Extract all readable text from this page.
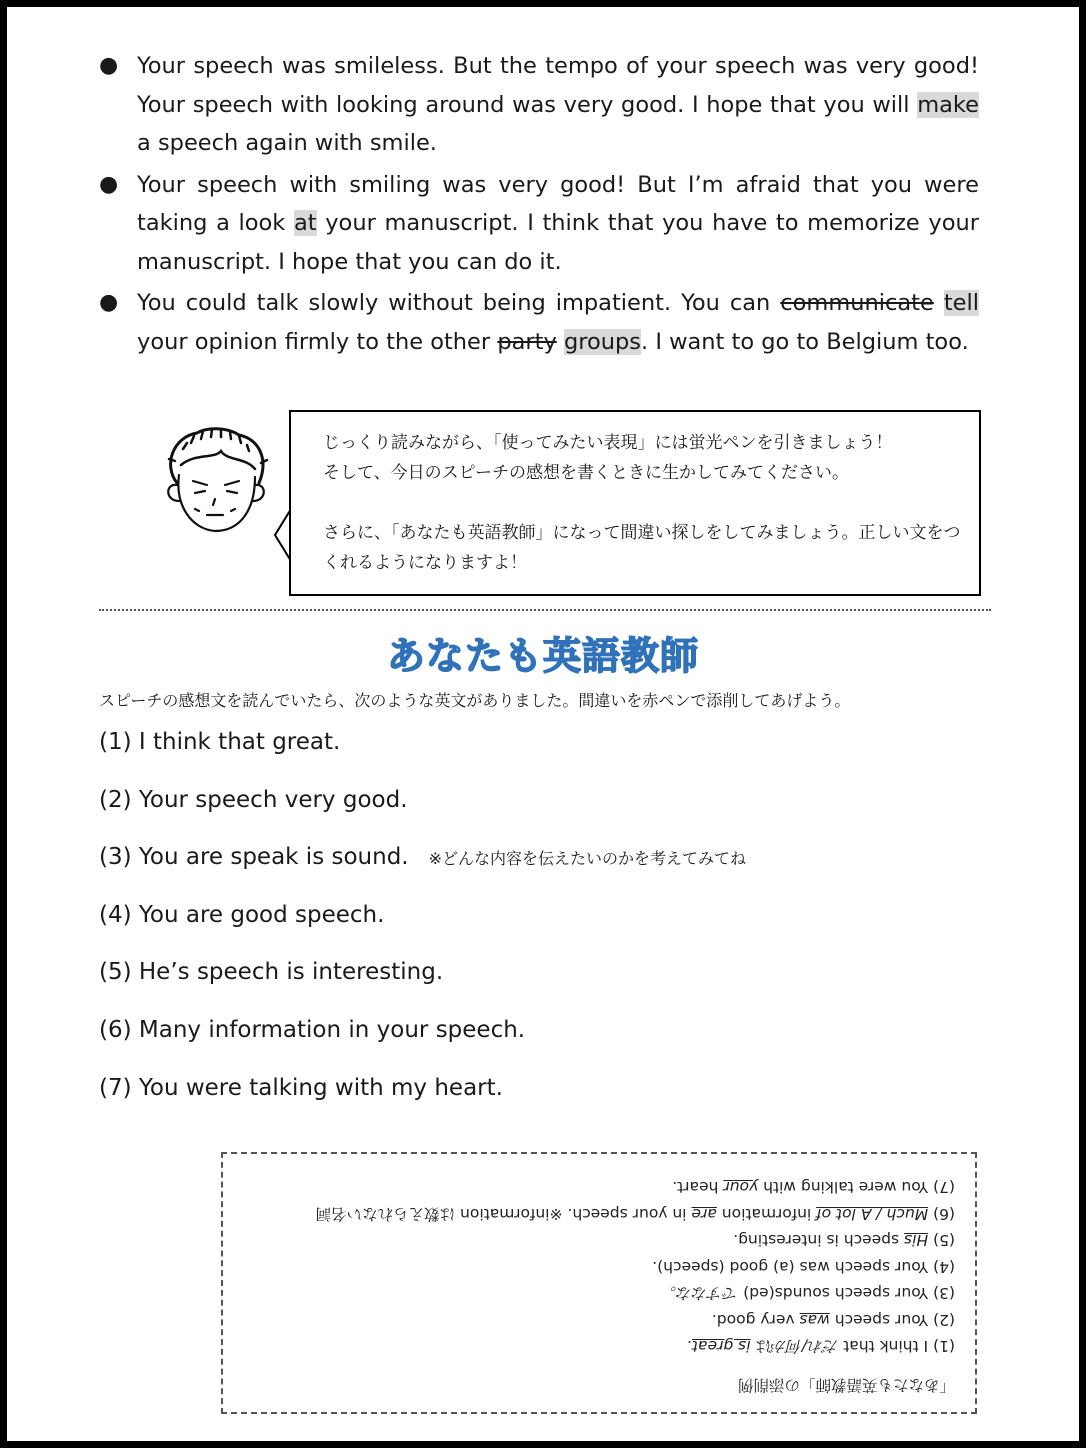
● Your speech was smileless. But the tempo of your speech was very good! Your speech with looking around was very good. I hope that you will make a speech again with smile.
● Your speech with smiling was very good! But I’m afraid that you were taking a look at your manuscript. I think that you have to memorize your manuscript. I hope that you can do it.
● You could talk slowly without being impatient. You can communicate tell your opinion firmly to the other party groups. I want to go to Belgium too.

じっくり読みながら、「使ってみたい表現」には蛍光ペンを引きましょう！

そして、今日のスピーチの感想を書くときに生かしてみてください。

さらに、「あなたも英語教師」になって間違い探しをしてみましょう。正しい文をつくれるようになりますよ！

あなたも英語教師
スピーチの感想文を読んでいたら、次のような英文がありました。間違いを赤ペンで添削してあげよう。
(1) I think that great.
(2) Your speech very good.
(3) You are speak is sound. ※どんな内容を伝えたいのかを考えてみてね
(4) You are good speech.
(5) He’s speech is interesting.
(6) Many information in your speech.
(7) You were talking with my heart.
「あなたも英語教師」の添削例
(1) I think that だれ/何がは is great.
(2) Your speech was very good.
(3) Your speech sounds(ed) ですなな。
(4) Your speech was (a) good (speech).
(5) His speech is interesting.
(6) Much / A lot of information are in your speech. ※information は数えられない名詞
(7) You were talking with your heart.
